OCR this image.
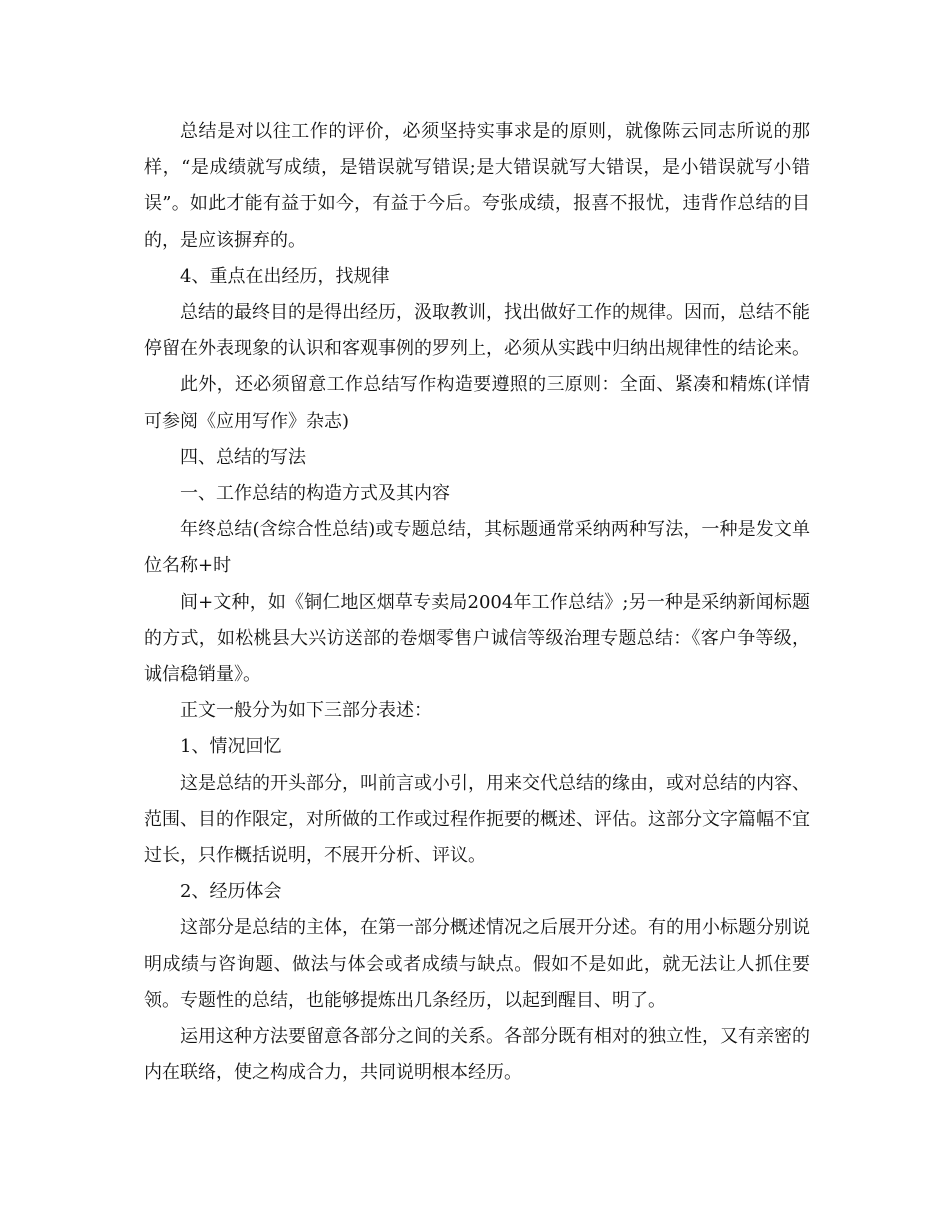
总结是对以往工作的评价，必须坚持实事求是的原则，就像陈云同志所说的那样，“是成绩就写成绩，是错误就写错误;是大错误就写大错误，是小错误就写小错误”。如此才能有益于如今，有益于今后。夸张成绩，报喜不报忧，违背作总结的目的，是应该摒弃的。

4、重点在出经历，找规律

总结的最终目的是得出经历，汲取教训，找出做好工作的规律。因而，总结不能停留在外表现象的认识和客观事例的罗列上，必须从实践中归纳出规律性的结论来。

此外，还必须留意工作总结写作构造要遵照的三原则：全面、紧凑和精炼(详情可参阅《应用写作》杂志)

四、总结的写法

一、工作总结的构造方式及其内容

年终总结(含综合性总结)或专题总结，其标题通常采纳两种写法，一种是发文单位名称+时

间+文种，如《铜仁地区烟草专卖局2004年工作总结》;另一种是采纳新闻标题的方式，如松桃县大兴访送部的卷烟零售户诚信等级治理专题总结：《客户争等级，诚信稳销量》。

正文一般分为如下三部分表述：

1、情况回忆

这是总结的开头部分，叫前言或小引，用来交代总结的缘由，或对总结的内容、范围、目的作限定，对所做的工作或过程作扼要的概述、评估。这部分文字篇幅不宜过长，只作概括说明，不展开分析、评议。

2、经历体会

这部分是总结的主体，在第一部分概述情况之后展开分述。有的用小标题分别说明成绩与咨询题、做法与体会或者成绩与缺点。假如不是如此，就无法让人抓住要领。专题性的总结，也能够提炼出几条经历，以起到醒目、明了。

运用这种方法要留意各部分之间的关系。各部分既有相对的独立性，又有亲密的内在联络，使之构成合力，共同说明根本经历。
